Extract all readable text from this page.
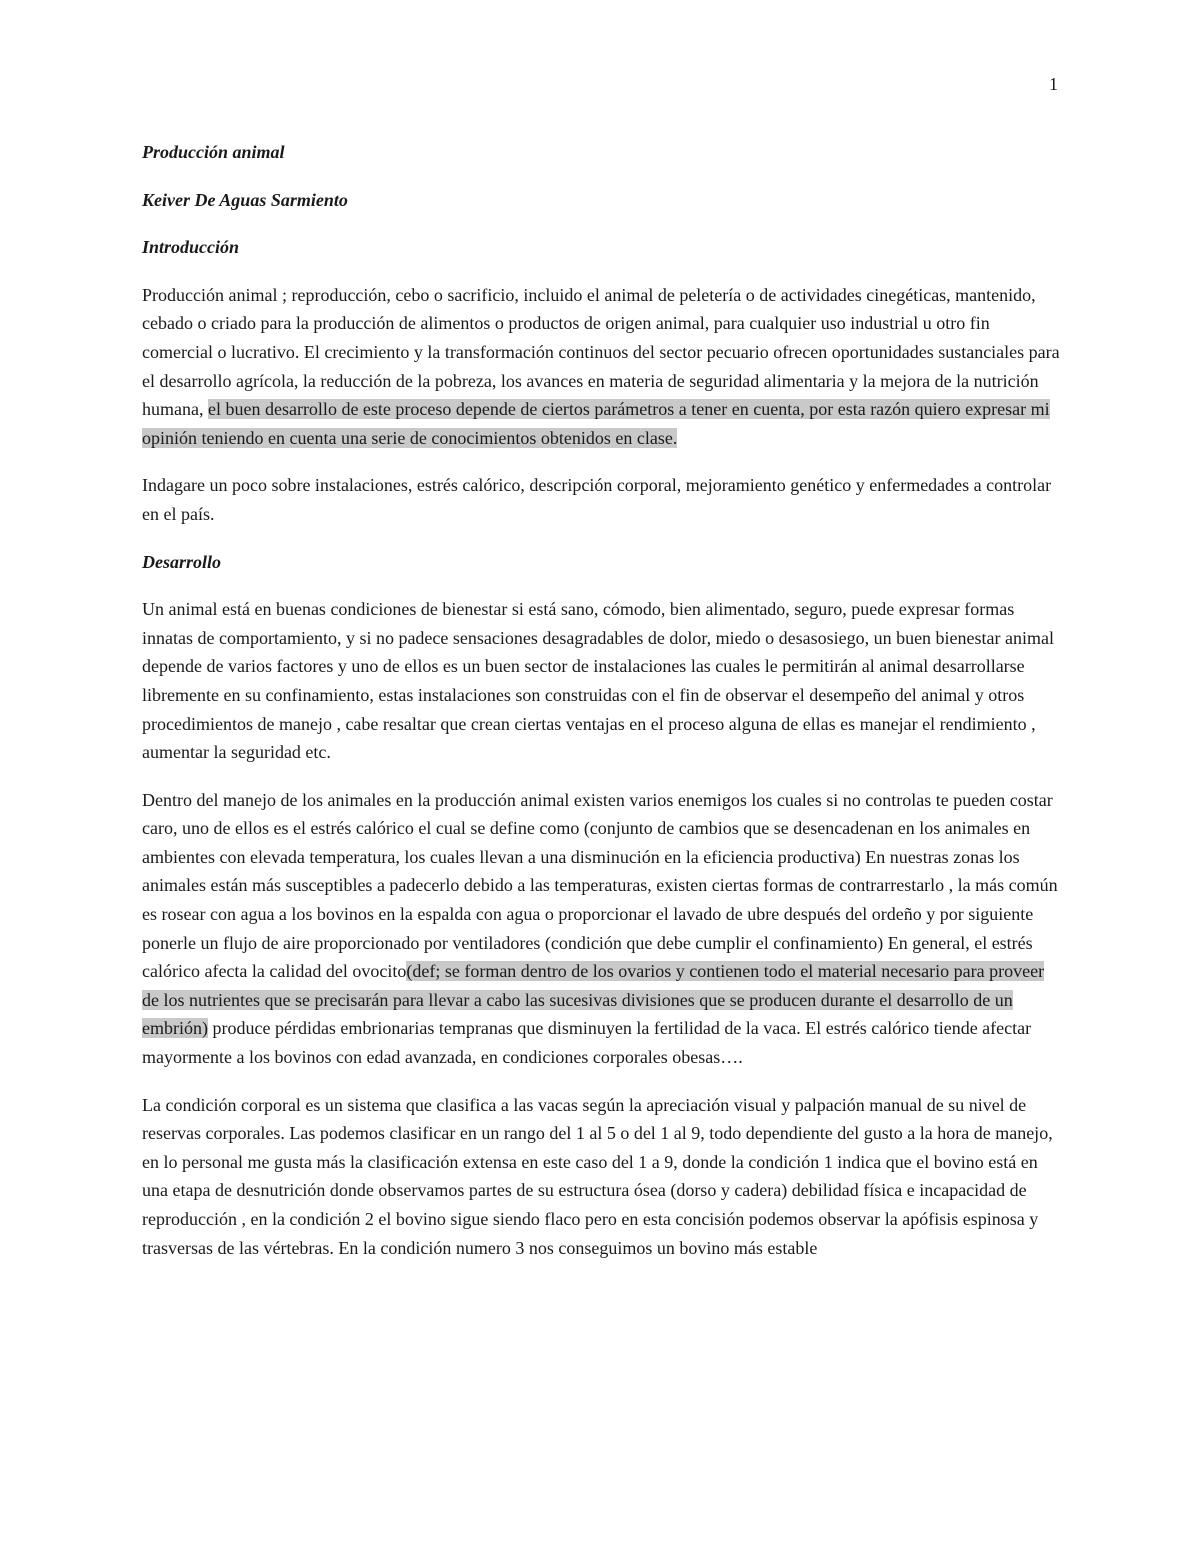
1

Producción animal

Keiver De Aguas Sarmiento

Introducción

Producción animal ; reproducción, cebo o sacrificio, incluido el animal de peletería o de actividades cinegéticas, mantenido, cebado o criado para la producción de alimentos o productos de origen animal, para cualquier uso industrial u otro fin comercial o lucrativo. El crecimiento y la transformación continuos del sector pecuario ofrecen oportunidades sustanciales para el desarrollo agrícola, la reducción de la pobreza, los avances en materia de seguridad alimentaria y la mejora de la nutrición humana, el buen desarrollo de este proceso depende de ciertos parámetros a tener en cuenta, por esta razón quiero expresar mi opinión teniendo en cuenta una serie de conocimientos obtenidos en clase.

Indagare un poco sobre instalaciones, estrés calórico, descripción corporal, mejoramiento genético y enfermedades a controlar en el país.

Desarrollo

Un animal está en buenas condiciones de bienestar si está sano, cómodo, bien alimentado, seguro, puede expresar formas innatas de comportamiento, y si no padece sensaciones desagradables de dolor, miedo o desasosiego, un buen bienestar animal depende de varios factores y uno de ellos es un buen sector de instalaciones las cuales le permitirán al animal desarrollarse libremente en su confinamiento, estas instalaciones son construidas con el fin de observar el desempeño del animal y otros procedimientos de manejo , cabe resaltar que crean ciertas ventajas en el proceso alguna de ellas es manejar el rendimiento , aumentar la seguridad etc.

Dentro del manejo de los animales en la producción animal existen varios enemigos los cuales si no controlas te pueden costar caro, uno de ellos es el estrés calórico el cual se define como (conjunto de cambios que se desencadenan en los animales en ambientes con elevada temperatura, los cuales llevan a una disminución en la eficiencia productiva) En nuestras zonas los animales están más susceptibles a padecerlo debido a las temperaturas, existen ciertas formas de contrarrestarlo , la más común es rosear con agua a los bovinos en la espalda con agua o proporcionar el lavado de ubre después del ordeño y por siguiente ponerle un flujo de aire proporcionado por ventiladores (condición que debe cumplir el confinamiento) En general, el estrés calórico afecta la calidad del ovocito(def; se forman dentro de los ovarios y contienen todo el material necesario para proveer de los nutrientes que se precisarán para llevar a cabo las sucesivas divisiones que se producen durante el desarrollo de un embrión) produce pérdidas embrionarias tempranas que disminuyen la fertilidad de la vaca. El estrés calórico tiende afectar mayormente a los bovinos con edad avanzada, en condiciones corporales obesas….

La condición corporal es un sistema que clasifica a las vacas según la apreciación visual y palpación manual de su nivel de reservas corporales. Las podemos clasificar en un rango del 1 al 5 o del 1 al 9, todo dependiente del gusto a la hora de manejo, en lo personal me gusta más la clasificación extensa en este caso del 1 a 9, donde la condición 1 indica que el bovino está en una etapa de desnutrición donde observamos partes de su estructura ósea (dorso y cadera) debilidad física e incapacidad de reproducción , en la condición 2 el bovino sigue siendo flaco pero en esta concisión podemos observar la apófisis espinosa y trasversas de las vértebras. En la condición numero 3 nos conseguimos un bovino más estable
